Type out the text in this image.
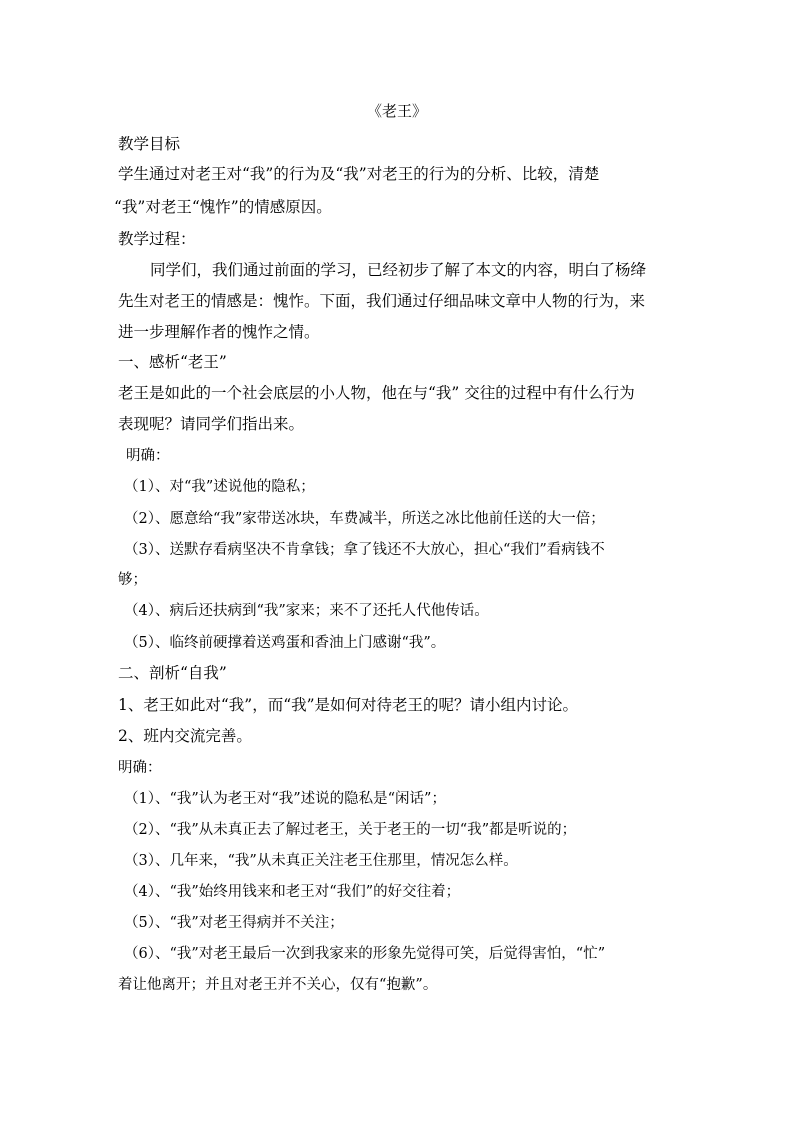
《老王》
教学目标
学生通过对老王对“我”的行为及“我”对老王的行为的分析、比较，清楚
“我”对老王“愧怍”的情感原因。
教学过程：
同学们，我们通过前面的学习，已经初步了解了本文的内容，明白了杨绛
先生对老王的情感是：愧怍。下面，我们通过仔细品味文章中人物的行为，来
进一步理解作者的愧怍之情。
一、感析“老王”
老王是如此的一个社会底层的小人物，他在与“我” 交往的过程中有什么行为
表现呢？请同学们指出来。
明确：
（1）、对“我”述说他的隐私；
（2）、愿意给“我”家带送冰块，车费减半，所送之冰比他前任送的大一倍；
（3）、送默存看病坚决不肯拿钱；拿了钱还不大放心，担心“我们”看病钱不
够；
（4）、病后还扶病到“我”家来；来不了还托人代他传话。
（5）、临终前硬撑着送鸡蛋和香油上门感谢“我”。
二、剖析“自我”
1、老王如此对“我”，而“我”是如何对待老王的呢？请小组内讨论。
2、班内交流完善。
明确：
（1）、“我”认为老王对“我”述说的隐私是“闲话”；
（2）、“我”从未真正去了解过老王，关于老王的一切“我”都是听说的；
（3）、几年来，“我”从未真正关注老王住那里，情况怎么样。
（4）、“我”始终用钱来和老王对“我们”的好交往着；
（5）、“我”对老王得病并不关注；
（6）、“我”对老王最后一次到我家来的形象先觉得可笑，后觉得害怕，“忙”
着让他离开；并且对老王并不关心，仅有“抱歉”。
